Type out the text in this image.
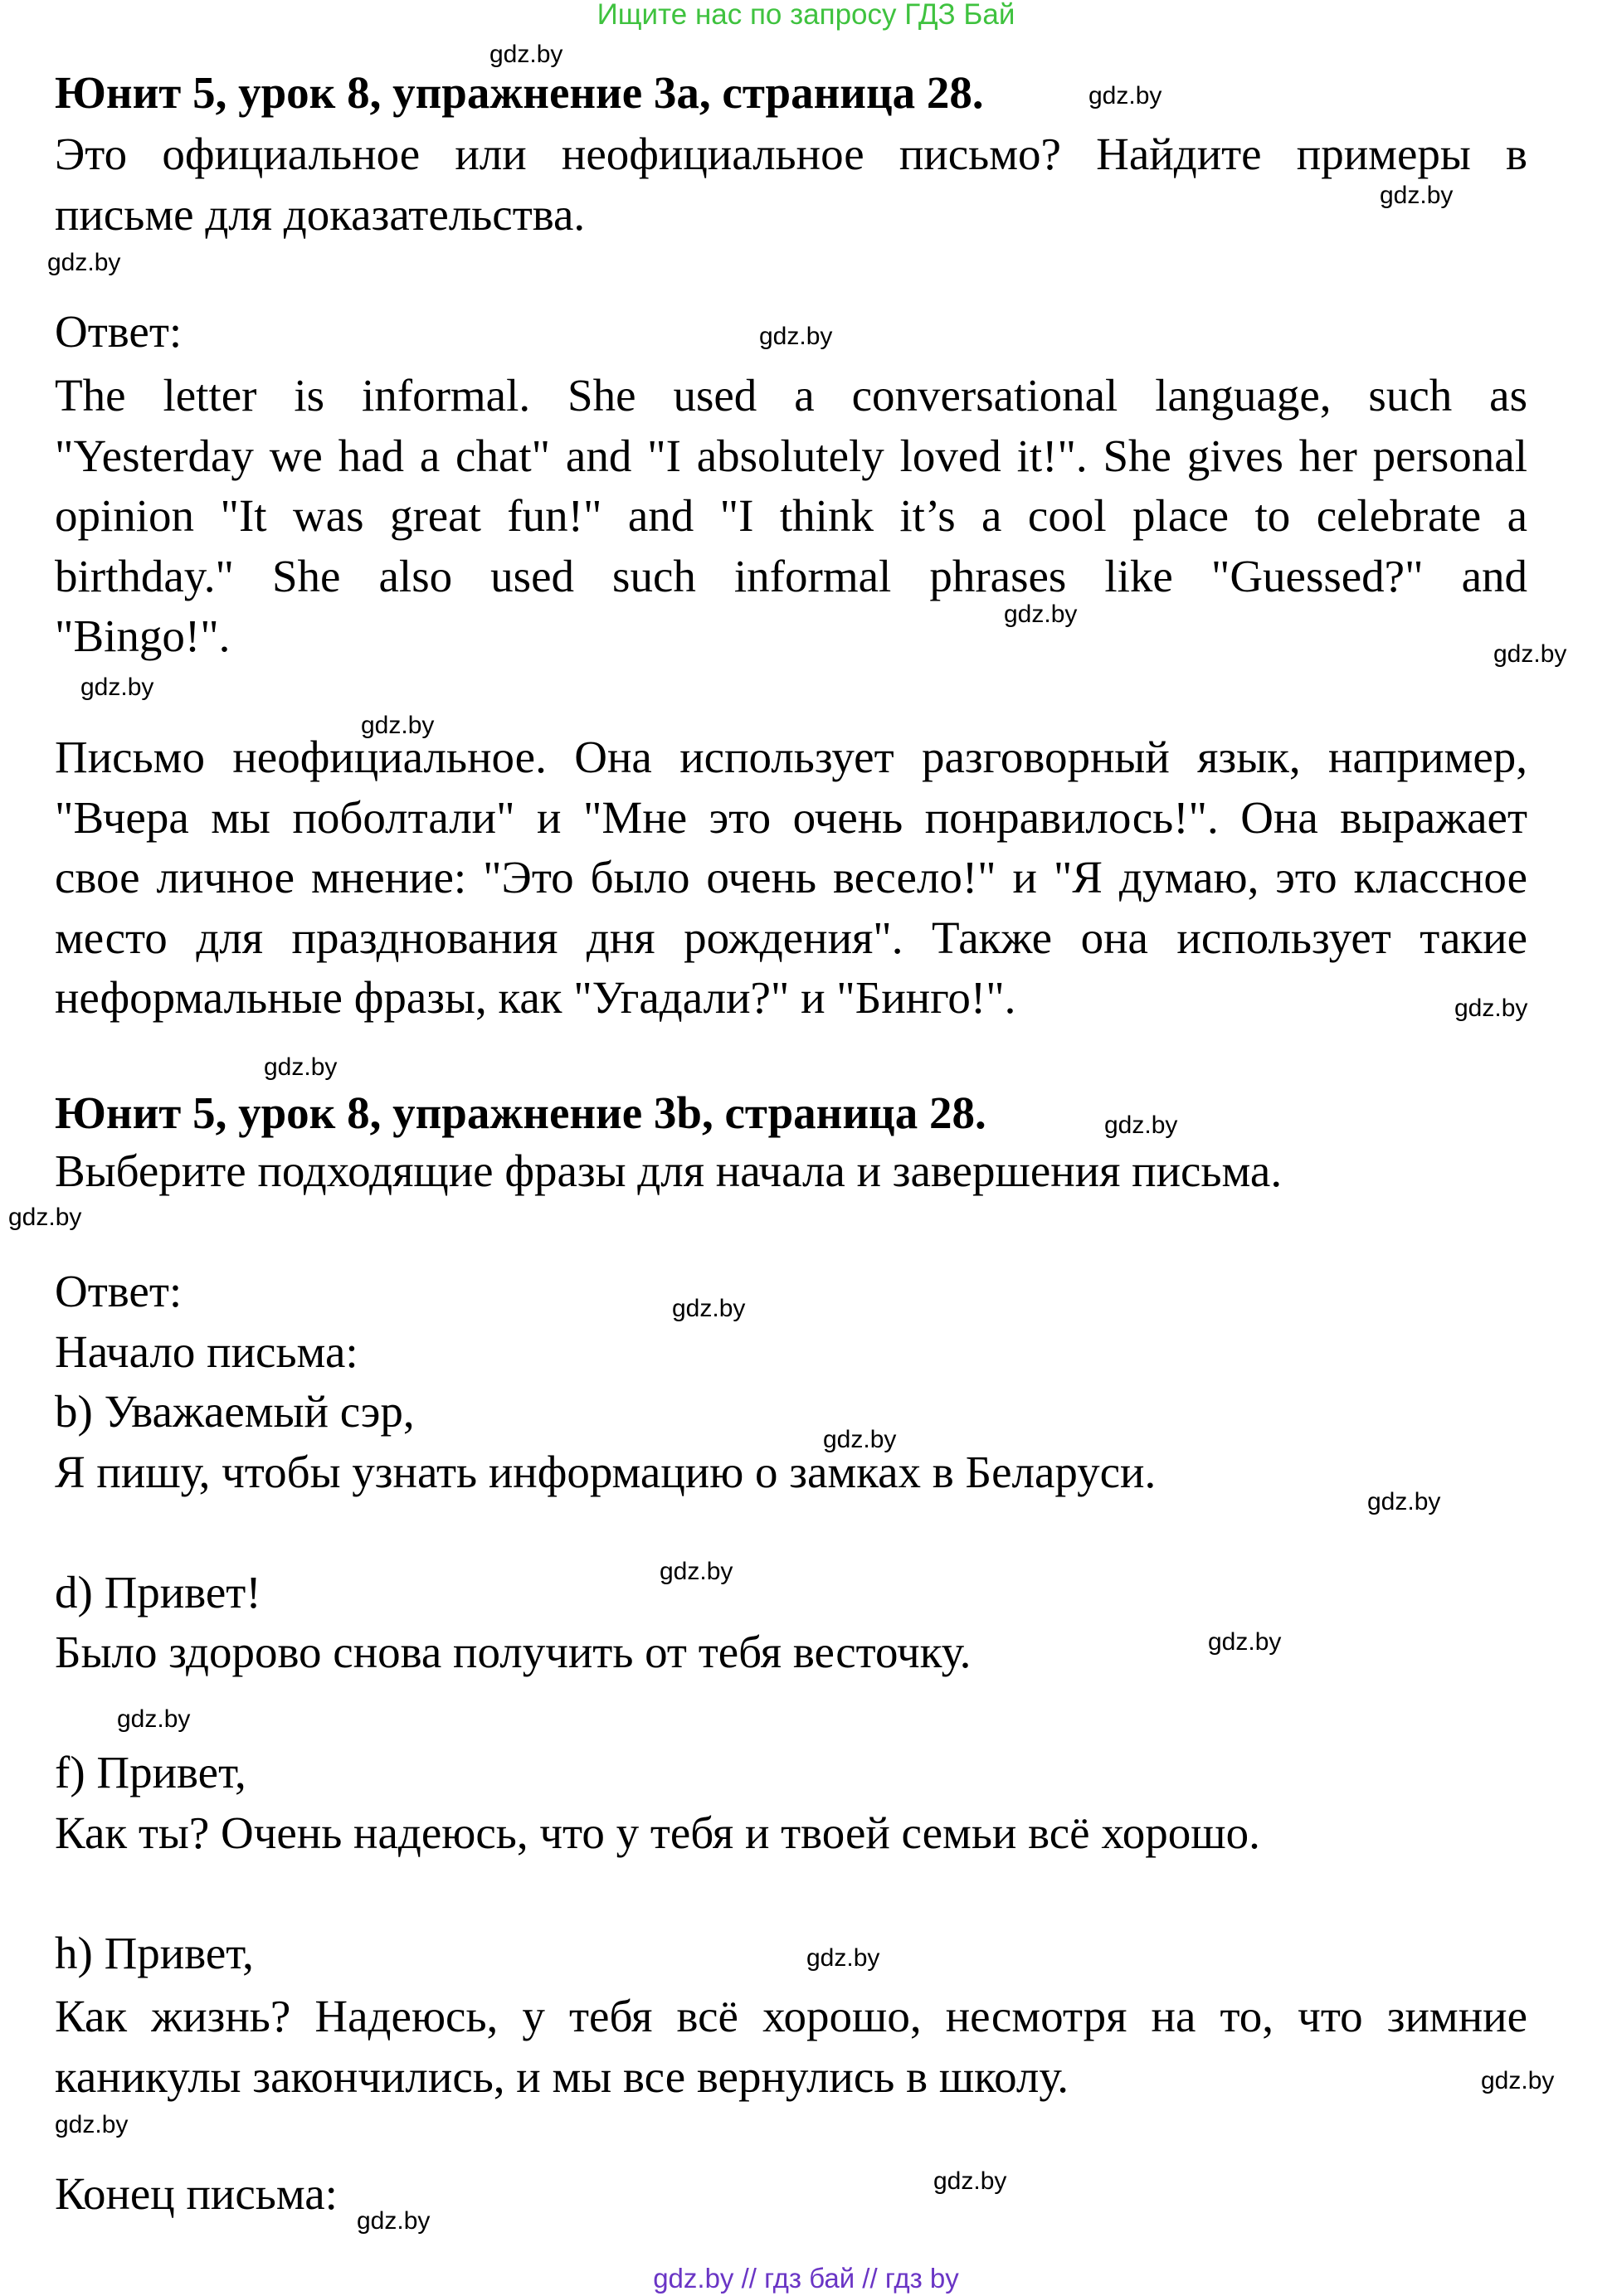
Ищите нас по запросу ГДЗ Бай
Юнит 5, урок 8, упражнение 3a, страница 28.
Это официальное или неофициальное письмо? Найдите примеры в
письме для доказательства.
Ответ:
The letter is informal. She used a conversational language, such as
"Yesterday we had a chat" and "I absolutely loved it!". She gives her personal
opinion "It was great fun!" and "I think it’s a cool place to celebrate a
birthday." She also used such informal phrases like "Guessed?" and
"Bingo!".
Письмо неофициальное. Она использует разговорный язык, например,
"Вчера мы поболтали" и "Мне это очень понравилось!". Она выражает
свое личное мнение: "Это было очень весело!" и "Я думаю, это классное
место для празднования дня рождения". Также она использует такие
неформальные фразы, как "Угадали?" и "Бинго!".
Юнит 5, урок 8, упражнение 3b, страница 28.
Выберите подходящие фразы для начала и завершения письма.
Ответ:
Начало письма:
b) Уважаемый сэр,
Я пишу, чтобы узнать информацию о замках в Беларуси.
d) Привет!
Было здорово снова получить от тебя весточку.
f) Привет,
Как ты? Очень надеюсь, что у тебя и твоей семьи всё хорошо.
h) Привет,
Как жизнь? Надеюсь, у тебя всё хорошо, несмотря на то, что зимние
каникулы закончились, и мы все вернулись в школу.
Конец письма:
gdz.by
gdz.by
gdz.by
gdz.by
gdz.by
gdz.by
gdz.by
gdz.by
gdz.by
gdz.by
gdz.by
gdz.by
gdz.by
gdz.by
gdz.by
gdz.by
gdz.by
gdz.by
gdz.by
gdz.by
gdz.by
gdz.by
gdz.by
gdz.by
gdz.by // гдз бай // гдз by
